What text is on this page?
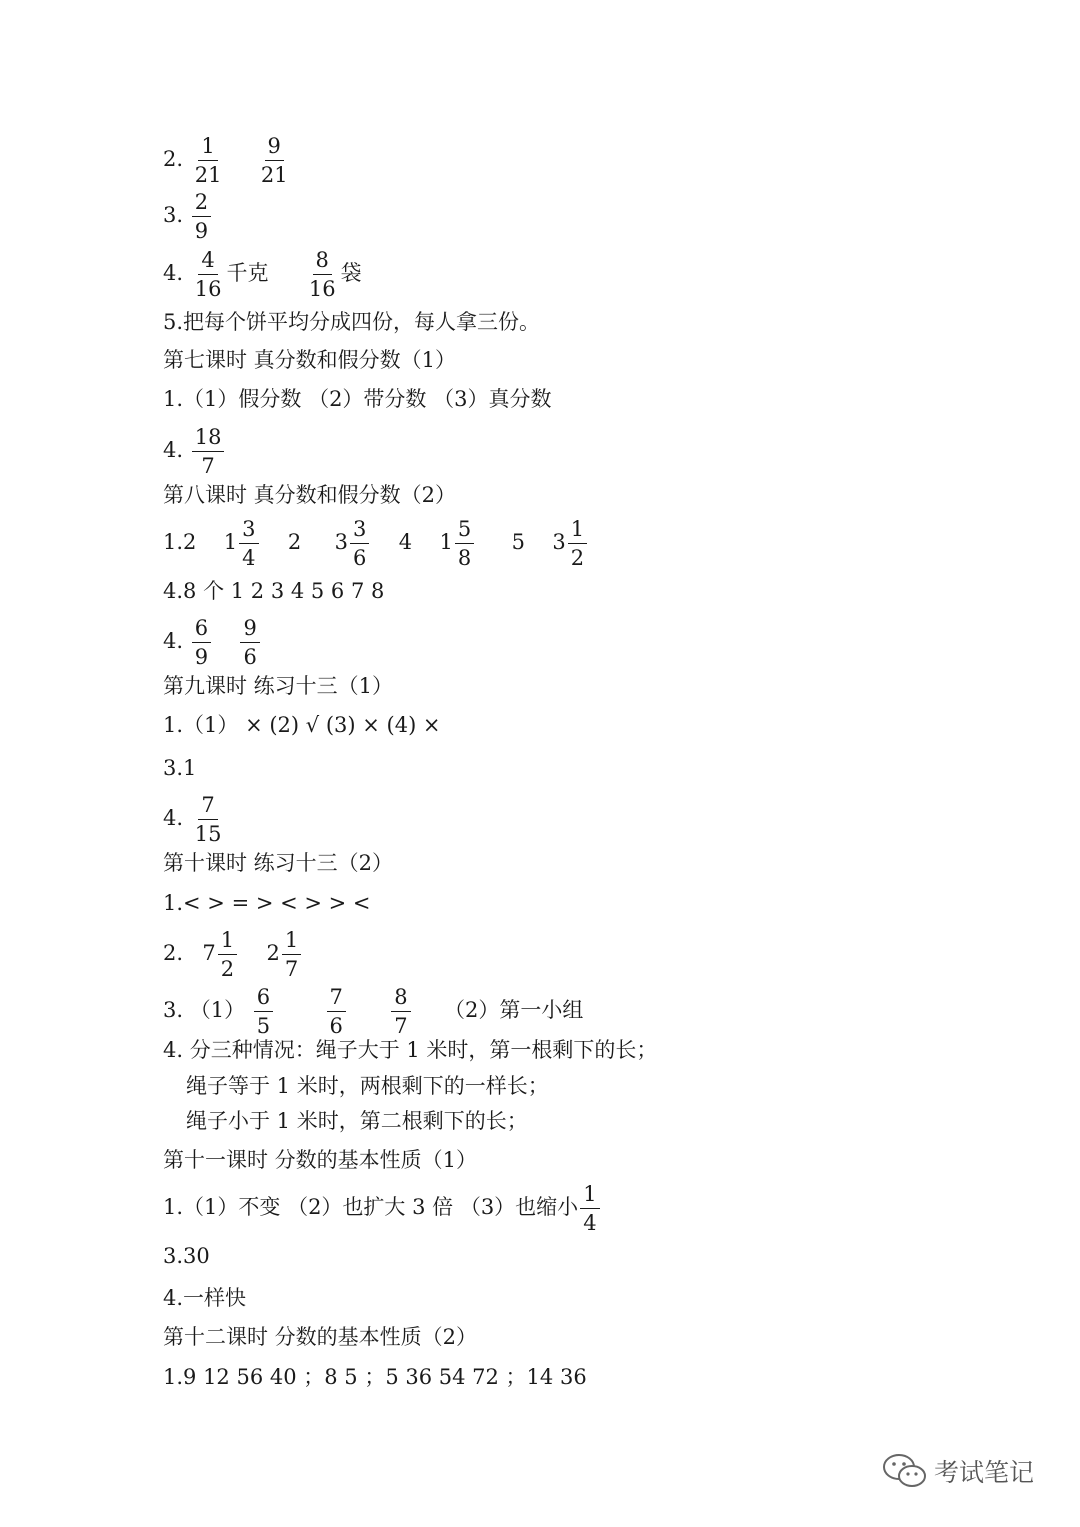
2. $\frac{1}{21}$
$\frac{9}{21}$
3. $\frac{2}{9}$
4. $\frac{4}{16}$ 千克 $\frac{8}{16}$ 袋
5.把每个饼平均分成四份，每人拿三份。
第七课时 真分数和假分数（1）
1.（1）假分数 （2）带分数 （3）真分数
4. $\frac{18}{7}$
第八课时 真分数和假分数（2）
1.2 $1 \frac{3}{4} 2$ $3 \frac{3}{6} 4$ $1 \frac{5}{8} 5$ $3 \frac{1}{2}$
4.8 个 1 2 3 4 5 6 7 8
4. $\frac{6}{9}$
$\frac{9}{6}$
第九课时 练习十三（1）
1.（1） × (2) √ (3) × (4) ×
3.1
4. $\frac{7}{15}$
第十课时 练习十三（2）
1.< > = > < > > <
2. $7 \frac{1}{2} 2 \frac{1}{7}$
3. $(1) \frac{6}{5}$
	$\frac{7}{6}$
$\frac{8}{7} (2)$第一小组
4. 分三种情况：绳子大于 1 米时，第一根剩下的长；
绳子等于 1 米时，两根剩下的一样长；
绳子小于 1 米时，第二根剩下的长；
第十一课时 分数的基本性质（1）
1.（1）不变 （2）也扩大 3 倍 （3）也缩小 $\frac{1}{4}$
3.30
4.一样快
第十二课时 分数的基本性质（2）
1.9 12 56 40 ；8 5 ；5 36 54 72 ；14 36
考试笔记
